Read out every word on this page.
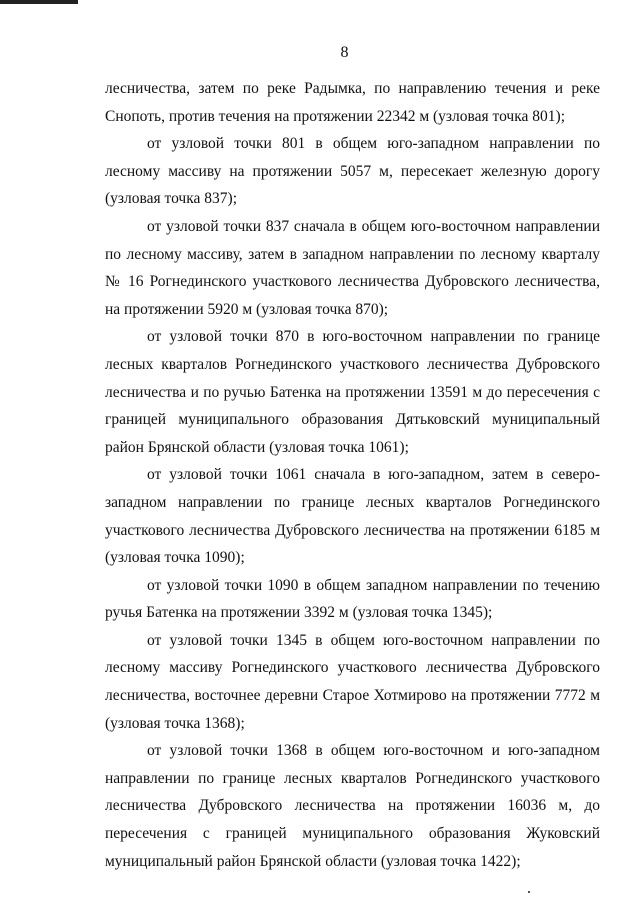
8

лесничества, затем по реке Радымка, по направлению течения и реке Снопоть, против течения на протяжении 22342 м (узловая точка 801);

от узловой точки 801 в общем юго-западном направлении по лесному массиву на протяжении 5057 м, пересекает железную дорогу (узловая точка 837);

от узловой точки 837 сначала в общем юго-восточном направлении по лесному массиву, затем в западном направлении по лесному кварталу № 16 Рогнединского участкового лесничества Дубровского лесничества, на протяжении 5920 м (узловая точка 870);

от узловой точки 870 в юго-восточном направлении по границе лесных кварталов Рогнединского участкового лесничества Дубровского лесничества и по ручью Батенка на протяжении 13591 м до пересечения с границей муниципального образования Дятьковский муниципальный район Брянской области (узловая точка 1061);

от узловой точки 1061 сначала в юго-западном, затем в северо-западном направлении по границе лесных кварталов Рогнединского участкового лесничества Дубровского лесничества на протяжении 6185 м (узловая точка 1090);

от узловой точки 1090 в общем западном направлении по течению ручья Батенка на протяжении 3392 м (узловая точка 1345);

от узловой точки 1345 в общем юго-восточном направлении по лесному массиву Рогнединского участкового лесничества Дубровского лесничества, восточнее деревни Старое Хотмирово на протяжении 7772 м (узловая точка 1368);

от узловой точки 1368 в общем юго-восточном и юго-западном направлении по границе лесных кварталов Рогнединского участкового лесничества Дубровского лесничества на протяжении 16036 м, до пересечения с границей муниципального образования Жуковский муниципальный район Брянской области (узловая точка 1422);
